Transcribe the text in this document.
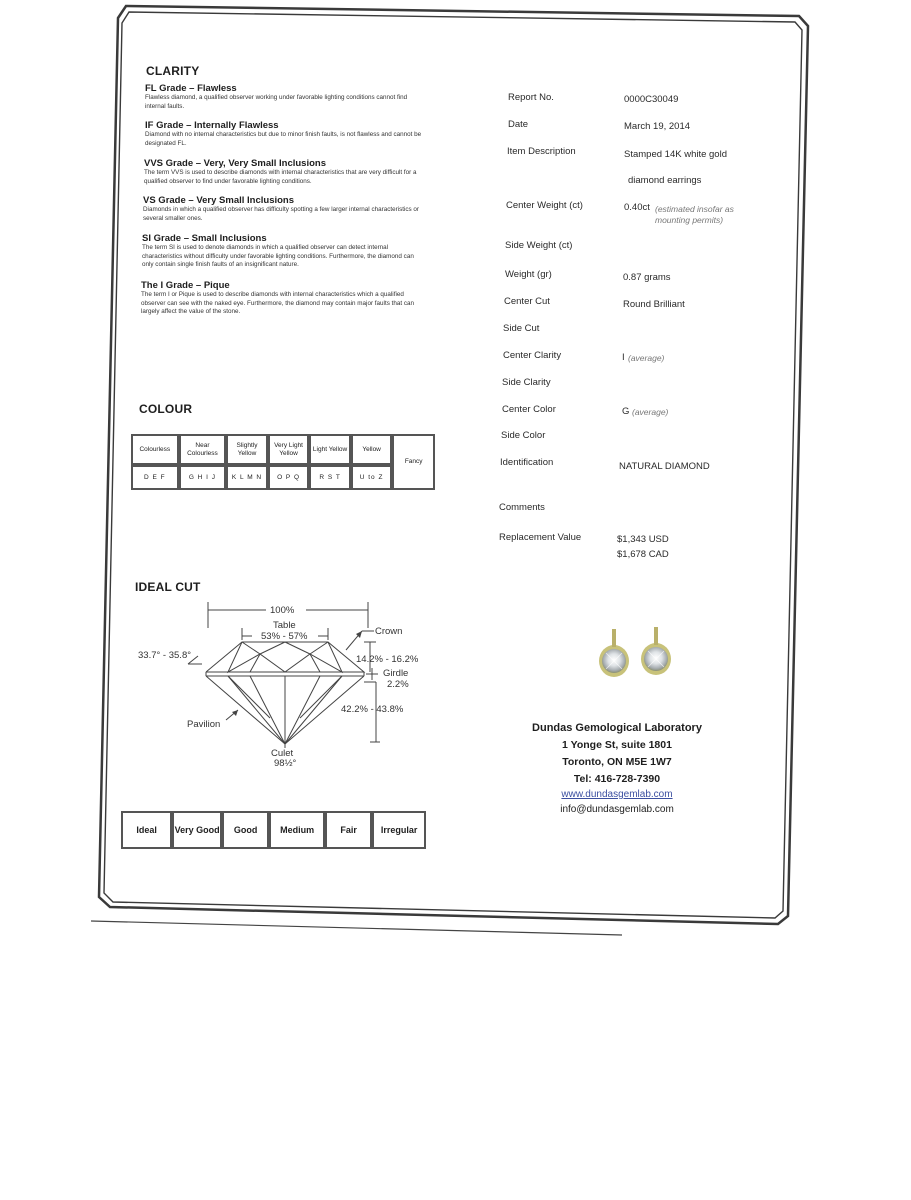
CLARITY
FL Grade – Flawless
Flawless diamond, a qualified observer working under favorable lighting conditions cannot find internal faults.
IF Grade – Internally Flawless
Diamond with no internal characteristics but due to minor finish faults, is not flawless and cannot be designated FL.
VVS Grade – Very, Very Small Inclusions
The term VVS is used to describe diamonds with internal characteristics that are very difficult for a qualified observer to find under favorable lighting conditions.
VS Grade – Very Small Inclusions
Diamonds in which a qualified observer has difficulty spotting a few larger internal characteristics or several smaller ones.
SI Grade – Small Inclusions
The term SI is used to denote diamonds in which a qualified observer can detect internal characteristics without difficulty under favorable lighting conditions. Furthermore, the diamond can only contain single finish faults of an insignificant nature.
The I Grade – Pique
The term I or Pique is used to describe diamonds with internal characteristics which a qualified observer can see with the naked eye. Furthermore, the diamond may contain major faults that can largely affect the value of the stone.
COLOUR
Colourless	Near Colourless	Slightly Yellow	Very Light Yellow	Light Yellow	Yellow	Fancy
D E F	G H I J	K L M N	O P Q	R S T	U to Z	
IDEAL CUT
100%
Table
53% - 57%	Crown
33.7° - 35.8°	14.2% - 16.2%
Girdle
2.2%
42.2% - 43.8%
Pavilion
Culet
98½°
Ideal	Very Good	Good	Medium	Fair	Irregular
Report No.	0000C30049
Date	March 19, 2014
Item Description	Stamped 14K white gold
diamond earrings
Center Weight (ct)	0.40ct (estimated insofar as mounting permits)
Side Weight (ct)
Weight (gr)	0.87 grams
Center Cut	Round Brilliant
Side Cut
Center Clarity	I (average)
Side Clarity
Center Color	G (average)
Side Color
Identification	NATURAL DIAMOND
Comments
Replacement Value	$1,343 USD
$1,678 CAD
Dundas Gemological Laboratory
1 Yonge St, suite 1801
Toronto, ON M5E 1W7
Tel: 416-728-7390
www.dundasgemlab.com
info@dundasgemlab.com
